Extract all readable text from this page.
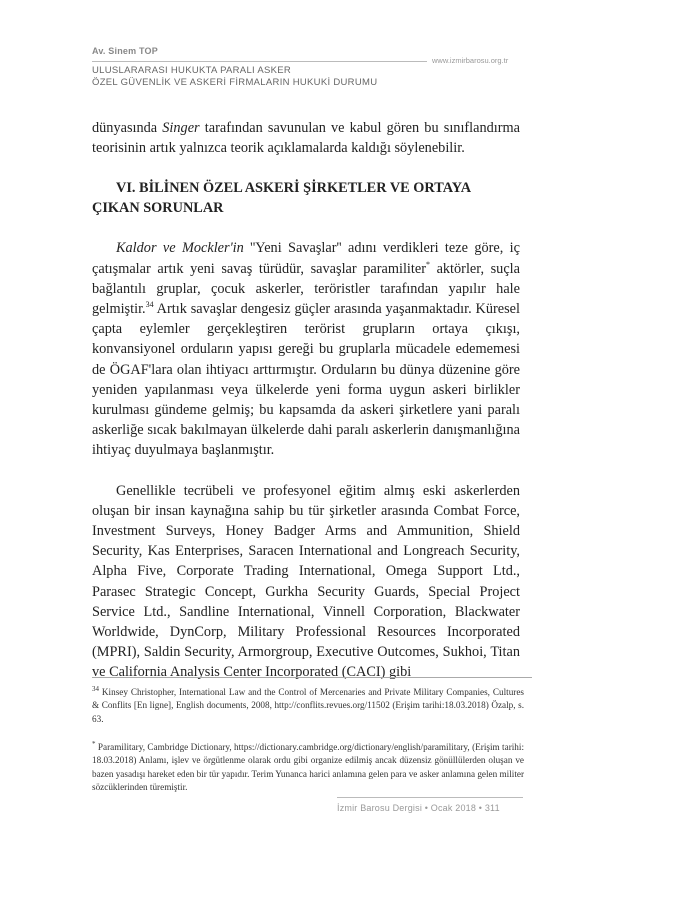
Av. Sinem TOP
www.izmirbarosu.org.tr
ULUSLARARASI HUKUKTA PARALI ASKER
ÖZEL GÜVENLİK VE ASKERİ FİRMALARIN HUKUKİ DURUMU

dünyasında Singer tarafından savunulan ve kabul gören bu sınıflandırma teorisinin artık yalnızca teorik açıklamalarda kaldığı söylenebilir.

VI. BİLİNEN ÖZEL ASKERİ ŞİRKETLER VE ORTAYA ÇIKAN SORUNLAR

Kaldor ve Mockler'in ''Yeni Savaşlar'' adını verdikleri teze göre, iç çatışmalar artık yeni savaş türüdür, savaşlar paramiliter* aktörler, suçla bağlantılı gruplar, çocuk askerler, teröristler tarafından yapılır hale gelmiştir.$^{34}$ Artık savaşlar dengesiz güçler arasında yaşanmaktadır. Küresel çapta eylemler gerçekleştiren terörist grupların ortaya çıkışı, konvansiyonel orduların yapısı gereği bu gruplarla mücadele edememesi de ÖGAF'lara olan ihtiyacı arttırmıştır. Orduların bu dünya düzenine göre yeniden yapılanması veya ülkelerde yeni forma uygun askeri birlikler kurulması gündeme gelmiş; bu kapsamda da askeri şirketlere yani paralı askerliğe sıcak bakılmayan ülkelerde dahi paralı askerlerin danışmanlığına ihtiyaç duyulmaya başlanmıştır.

Genellikle tecrübeli ve profesyonel eğitim almış eski askerlerden oluşan bir insan kaynağına sahip bu tür şirketler arasında Combat Force, Investment Surveys, Honey Badger Arms and Ammunition, Shield Security, Kas Enterprises, Saracen International and Longreach Security, Alpha Five, Corporate Trading International, Omega Support Ltd., Parasec Strategic Concept, Gurkha Security Guards, Special Project Service Ltd., Sandline International, Vinnell Corporation, Blackwater Worldwide, DynCorp, Military Professional Resources Incorporated (MPRI), Saldin Security, Armorgroup, Executive Outcomes, Sukhoi, Titan ve California Analysis Center Incorporated (CACI) gibi

$^{34}$ Kinsey Christopher, International Law and the Control of Mercenaries and Private Military Companies, Cultures & Conflits [En ligne], English documents, 2008, http://conflits.revues.org/11502 (Erişim tarihi:18.03.2018) Özalp, s. 63.
* Paramilitary, Cambridge Dictionary, https://dictionary.cambridge.org/dictionary/english/paramilitary, (Erişim tarihi: 18.03.2018) Anlamı, işlev ve örgütlenme olarak ordu gibi organize edilmiş ancak düzensiz gönüllülerden oluşan ve bazen yasadışı hareket eden bir tür yapıdır. Terim Yunanca harici anlamına gelen para ve asker anlamına gelen militer sözcüklerinden türemiştir.
İzmir Barosu Dergisi • Ocak 2018 • 311
